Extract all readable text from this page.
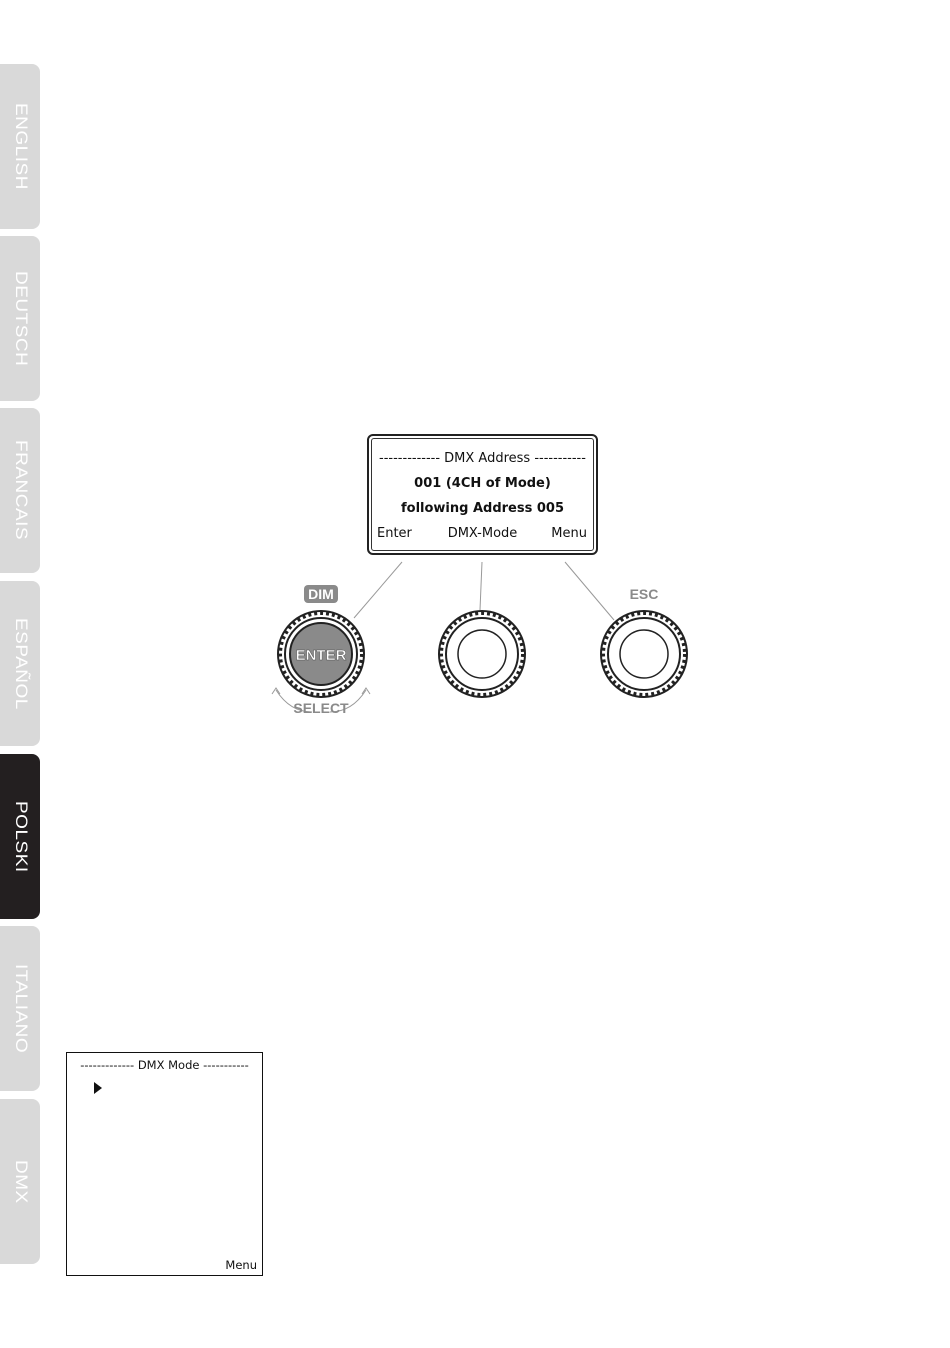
ENGLISH
DEUTSCH
FRANCAIS
ESPAÑOL
POLSKI
ITALIANO
DMX
------------- DMX Address -----------
001 (4CH of Mode)
following Address 005
Enter	DMX-Mode	Menu
ENTER
DIM
SELECT
ESC
------------- DMX Mode -----------
Menu
